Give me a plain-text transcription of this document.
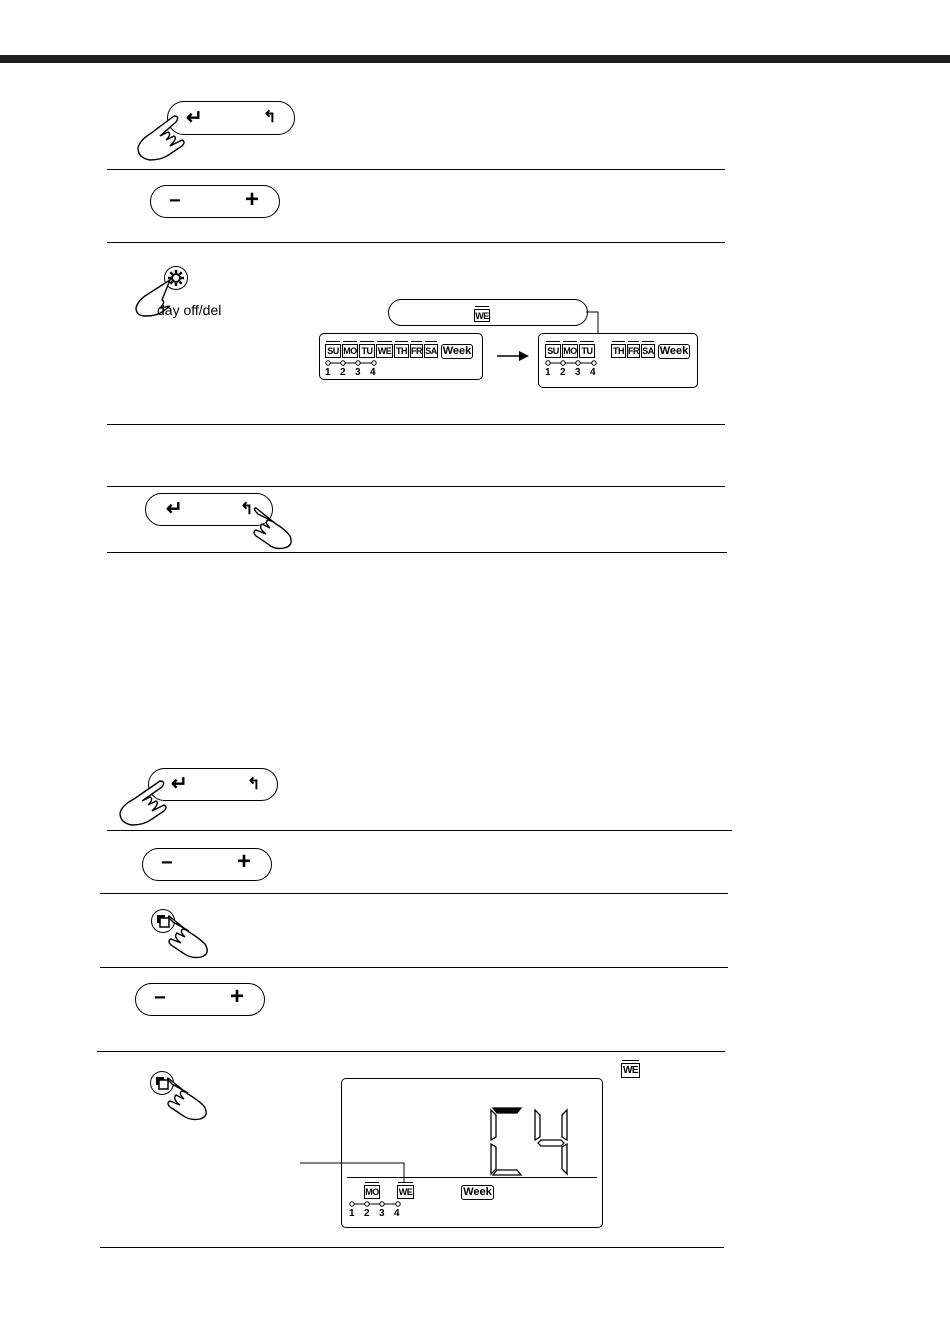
↵	↰
−	+
day off/del	WE
SU MO TU WE TH FR SA Week
1 2 3 4
SU MO TU TH FR SA Week
1 2 3 4
↵	↰
↵	↰
−	+
−	+
WE
MO WE	Week
1 2 3 4
